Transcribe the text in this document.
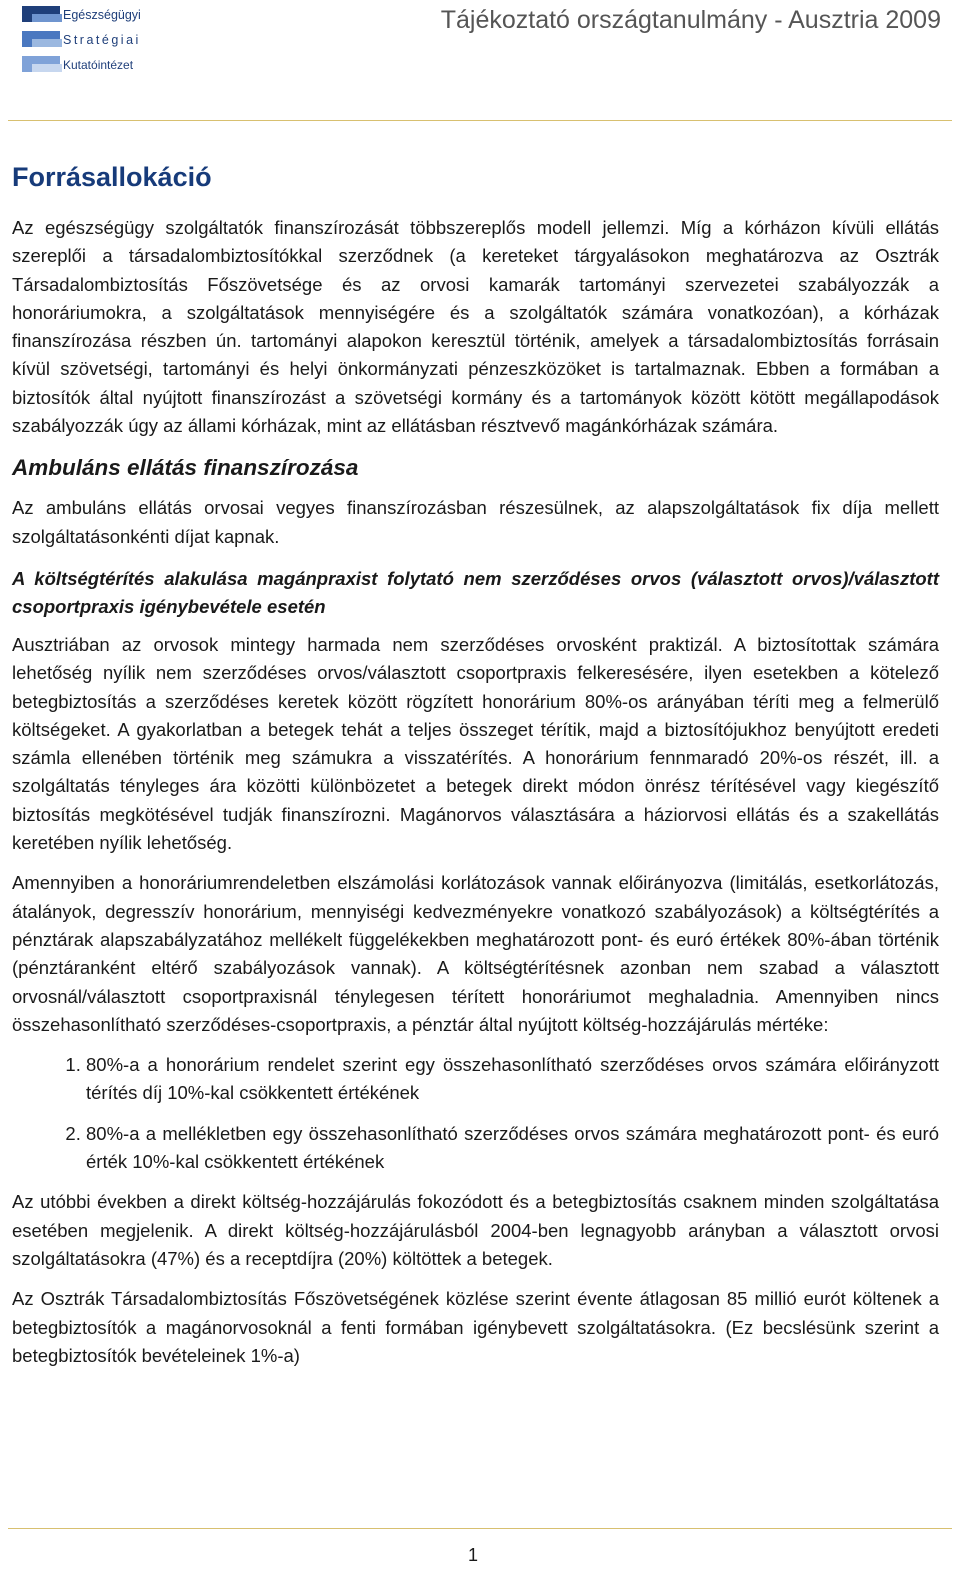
Egészségügyi
Stratégiai
Kutatóintézet
Tájékoztató országtanulmány - Ausztria 2009
Forrásallokáció

Az egészségügy szolgáltatók finanszírozását többszereplős modell jellemzi. Míg a kórházon kívüli ellátás szereplői a társadalombiztosítókkal szerződnek (a kereteket tárgyalásokon meghatározva az Osztrák Társadalombiztosítás Főszövetsége és az orvosi kamarák tartományi szervezetei szabályozzák a honoráriumokra, a szolgáltatások mennyiségére és a szolgáltatók számára vonatkozóan), a kórházak finanszírozása részben ún. tartományi alapokon keresztül történik, amelyek a társadalombiztosítás forrásain kívül szövetségi, tartományi és helyi önkormányzati pénzeszközöket is tartalmaznak. Ebben a formában a biztosítók által nyújtott finanszírozást a szövetségi kormány és a tartományok között kötött megállapodások szabályozzák úgy az állami kórházak, mint az ellátásban résztvevő magánkórházak számára.

Ambuláns ellátás finanszírozása

Az ambuláns ellátás orvosai vegyes finanszírozásban részesülnek, az alapszolgáltatások fix díja mellett szolgáltatásonkénti díjat kapnak.

A költségtérítés alakulása magánpraxist folytató nem szerződéses orvos (választott orvos)/választott csoportpraxis igénybevétele esetén

Ausztriában az orvosok mintegy harmada nem szerződéses orvosként praktizál. A biztosítottak számára lehetőség nyílik nem szerződéses orvos/választott csoportpraxis felkeresésére, ilyen esetekben a kötelező betegbiztosítás a szerződéses keretek között rögzített honorárium 80%-os arányában téríti meg a felmerülő költségeket. A gyakorlatban a betegek tehát a teljes összeget térítik, majd a biztosítójukhoz benyújtott eredeti számla ellenében történik meg számukra a visszatérítés. A honorárium fennmaradó 20%-os részét, ill. a szolgáltatás tényleges ára közötti különbözetet a betegek direkt módon önrész térítésével vagy kiegészítő biztosítás megkötésével tudják finanszírozni. Magánorvos választására a háziorvosi ellátás és a szakellátás keretében nyílik lehetőség.

Amennyiben a honoráriumrendeletben elszámolási korlátozások vannak előirányozva (limitálás, esetkorlátozás, átalányok, degresszív honorárium, mennyiségi kedvezményekre vonatkozó szabályozások) a költségtérítés a pénztárak alapszabályzatához mellékelt függelékekben meghatározott pont- és euró értékek 80%-ában történik (pénztáranként eltérő szabályozások vannak). A költségtérítésnek azonban nem szabad a választott orvosnál/választott csoportpraxisnál ténylegesen térített honoráriumot meghaladnia. Amennyiben nincs összehasonlítható szerződéses-csoportpraxis, a pénztár által nyújtott költség-hozzájárulás mértéke:

1. 80%-a a honorárium rendelet szerint egy összehasonlítható szerződéses orvos számára előirányzott térítés díj 10%-kal csökkentett értékének
2. 80%-a a mellékletben egy összehasonlítható szerződéses orvos számára meghatározott pont- és euró érték 10%-kal csökkentett értékének

Az utóbbi években a direkt költség-hozzájárulás fokozódott és a betegbiztosítás csaknem minden szolgáltatása esetében megjelenik. A direkt költség-hozzájárulásból 2004-ben legnagyobb arányban a választott orvosi szolgáltatásokra (47%) és a receptdíjra (20%) költöttek a betegek.

Az Osztrák Társadalombiztosítás Főszövetségének közlése szerint évente átlagosan 85 millió eurót költenek a betegbiztosítók a magánorvosoknál a fenti formában igénybevett szolgáltatásokra. (Ez becslésünk szerint a betegbiztosítók bevételeinek 1%-a)

1
